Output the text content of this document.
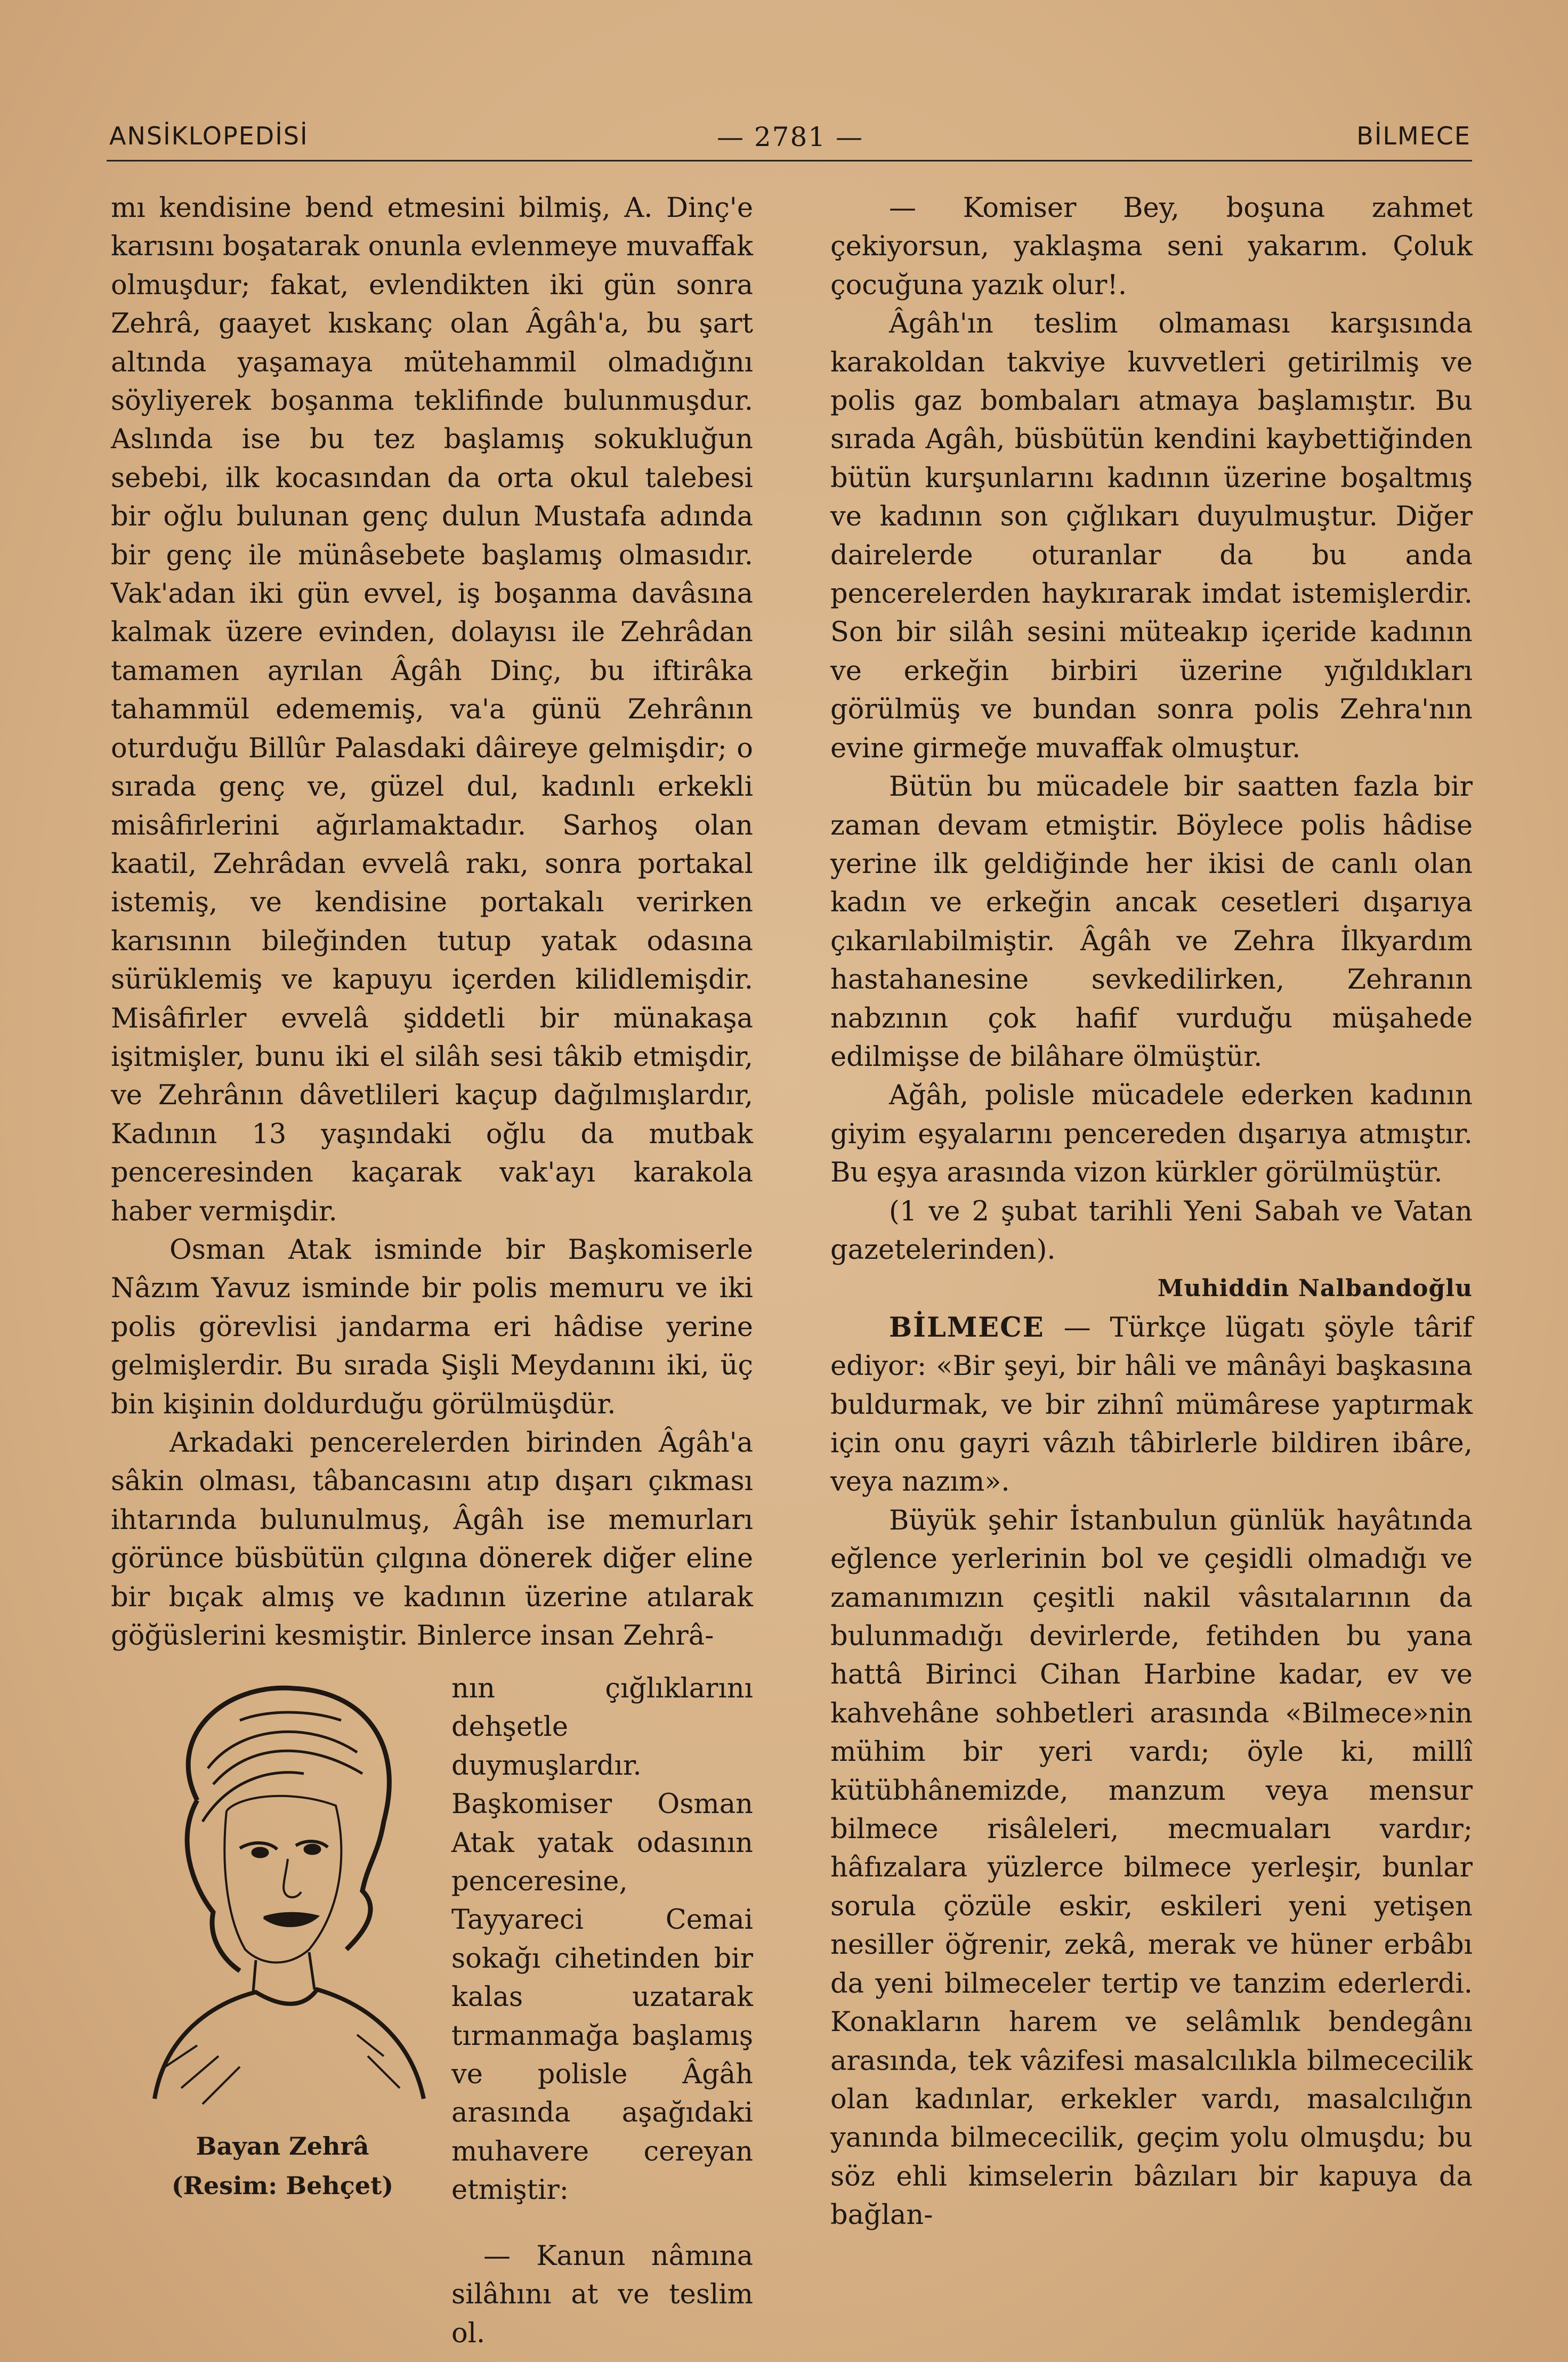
ANSİKLOPEDİSİ	— 2781 —	BİLMECE

mı kendisine bend etmesini bilmiş, A. Dinç'e karısını boşatarak onunla evlenmeye muvaffak olmuşdur; fakat, evlendikten iki gün sonra Zehrâ, gaayet kıskanç olan Âgâh'a, bu şart altında yaşamaya mütehammil olmadığını söyliyerek boşanma teklifinde bulunmuşdur. Aslında ise bu tez başlamış sokukluğun sebebi, ilk kocasından da orta okul talebesi bir oğlu bulunan genç dulun Mustafa adında bir genç ile münâsebete başlamış olmasıdır. Vak'adan iki gün evvel, iş boşanma davâsına kalmak üzere evinden, dolayısı ile Zehrâdan tamamen ayrılan Âgâh Dinç, bu iftirâka tahammül edememiş, va'a günü Zehrânın oturduğu Billûr Palasdaki dâireye gelmişdir; o sırada genç ve, güzel dul, kadınlı erkekli misâfirlerini ağırlamaktadır. Sarhoş olan kaatil, Zehrâdan evvelâ rakı, sonra portakal istemiş, ve kendisine portakalı verirken karısının bileğinden tutup yatak odasına sürüklemiş ve kapuyu içerden kilidlemişdir. Misâfirler evvelâ şiddetli bir münakaşa işitmişler, bunu iki el silâh sesi tâkib etmişdir, ve Zehrânın dâvetlileri kaçup dağılmışlardır, Kadının 13 yaşındaki oğlu da mutbak penceresinden kaçarak vak'ayı karakola haber vermişdir.

Osman Atak isminde bir Başkomiserle Nâzım Yavuz isminde bir polis memuru ve iki polis görevlisi jandarma eri hâdise yerine gelmişlerdir. Bu sırada Şişli Meydanını iki, üç bin kişinin doldurduğu görülmüşdür.

Arkadaki pencerelerden birinden Âgâh'a sâkin olması, tâbancasını atıp dışarı çıkması ihtarında bulunulmuş, Âgâh ise memurları görünce büsbütün çılgına dönerek diğer eline bir bıçak almış ve kadının üzerine atılarak göğüslerini kesmiştir. Binlerce insan Zehrâ-

nın çığlıklarını dehşetle duymuşlardır. Başkomiser Osman Atak yatak odasının penceresine, Tayyareci Cemai sokağı cihetinden bir kalas uzatarak tırmanmağa başlamış ve polisle Âgâh arasında aşağıdaki muhavere cereyan etmiştir:

— Kanun nâmına silâhını at ve teslim ol.

Bayan Zehrâ
(Resim: Behçet)

— Komiser Bey, boşuna zahmet çekiyorsun, yaklaşma seni yakarım. Çoluk çocuğuna yazık olur!.

Âgâh'ın teslim olmaması karşısında karakoldan takviye kuvvetleri getirilmiş ve polis gaz bombaları atmaya başlamıştır. Bu sırada Agâh, büsbütün kendini kaybettiğinden bütün kurşunlarını kadının üzerine boşaltmış ve kadının son çığlıkarı duyulmuştur. Diğer dairelerde oturanlar da bu anda pencerelerden haykırarak imdat istemişlerdir. Son bir silâh sesini müteakıp içeride kadının ve erkeğin birbiri üzerine yığıldıkları görülmüş ve bundan sonra polis Zehra'nın evine girmeğe muvaffak olmuştur.

Bütün bu mücadele bir saatten fazla bir zaman devam etmiştir. Böylece polis hâdise yerine ilk geldiğinde her ikisi de canlı olan kadın ve erkeğin ancak cesetleri dışarıya çıkarılabilmiştir. Âgâh ve Zehra İlkyardım hastahanesine sevkedilirken, Zehranın nabzının çok hafif vurduğu müşahede edilmişse de bilâhare ölmüştür.

Ağâh, polisle mücadele ederken kadının giyim eşyalarını pencereden dışarıya atmıştır. Bu eşya arasında vizon kürkler görülmüştür.

(1 ve 2 şubat tarihli Yeni Sabah ve Vatan gazetelerinden).

Muhiddin Nalbandoğlu

BİLMECE — Türkçe lügatı şöyle târif ediyor: «Bir şeyi, bir hâli ve mânâyi başkasına buldurmak, ve bir zihnî mümârese yaptırmak için onu gayri vâzıh tâbirlerle bildiren ibâre, veya nazım».

Büyük şehir İstanbulun günlük hayâtında eğlence yerlerinin bol ve çeşidli olmadığı ve zamanımızın çeşitli nakil vâsıtalarının da bulunmadığı devirlerde, fetihden bu yana hattâ Birinci Cihan Harbine kadar, ev ve kahvehâne sohbetleri arasında «Bilmece»nin mühim bir yeri vardı; öyle ki, millî kütübhânemizde, manzum veya mensur bilmece risâleleri, mecmuaları vardır; hâfızalara yüzlerce bilmece yerleşir, bunlar sorula çözüle eskir, eskileri yeni yetişen nesiller öğrenir, zekâ, merak ve hüner erbâbı da yeni bilmeceler tertip ve tanzim ederlerdi. Konakların harem ve selâmlık bendegânı arasında, tek vâzifesi masalcılıkla bilmececilik olan kadınlar, erkekler vardı, masalcılığın yanında bilmececilik, geçim yolu olmuşdu; bu söz ehli kimselerin bâzıları bir kapuya da bağlan-
